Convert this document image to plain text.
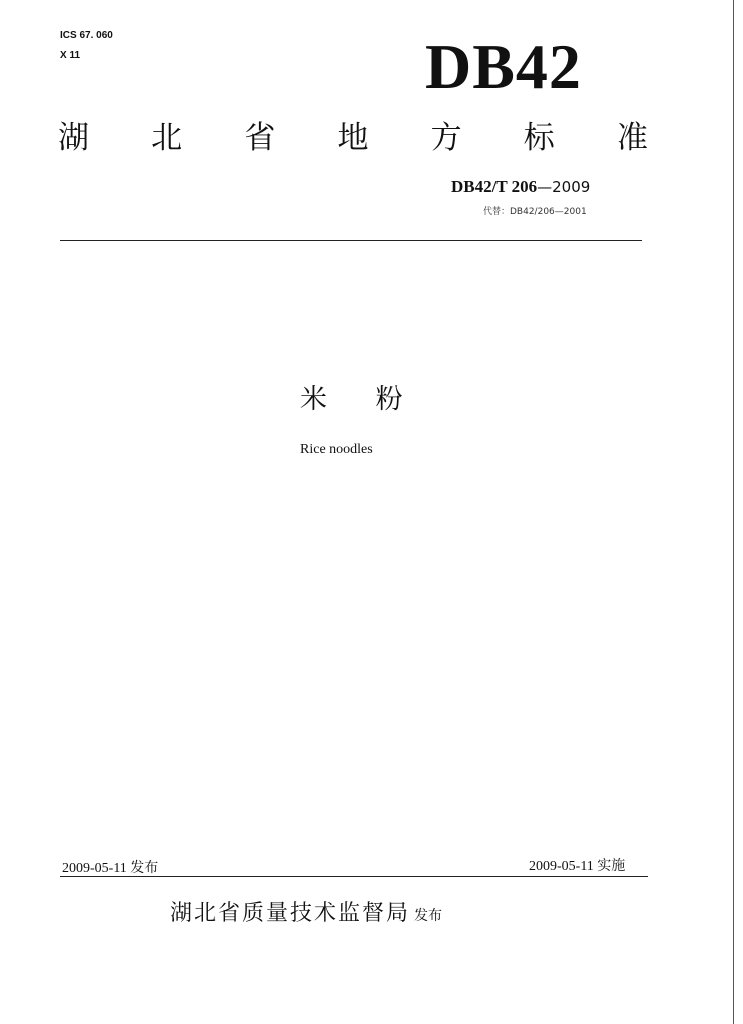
ICS 67. 060
X 11	DB42
湖 北 省 地 方 标 准
DB42/T 206—2009
代替：DB42/206—2001
米 粉
Rice noodles
2009-05-11 发布	2009-05-11 实施
湖北省质量技术监督局 发布
